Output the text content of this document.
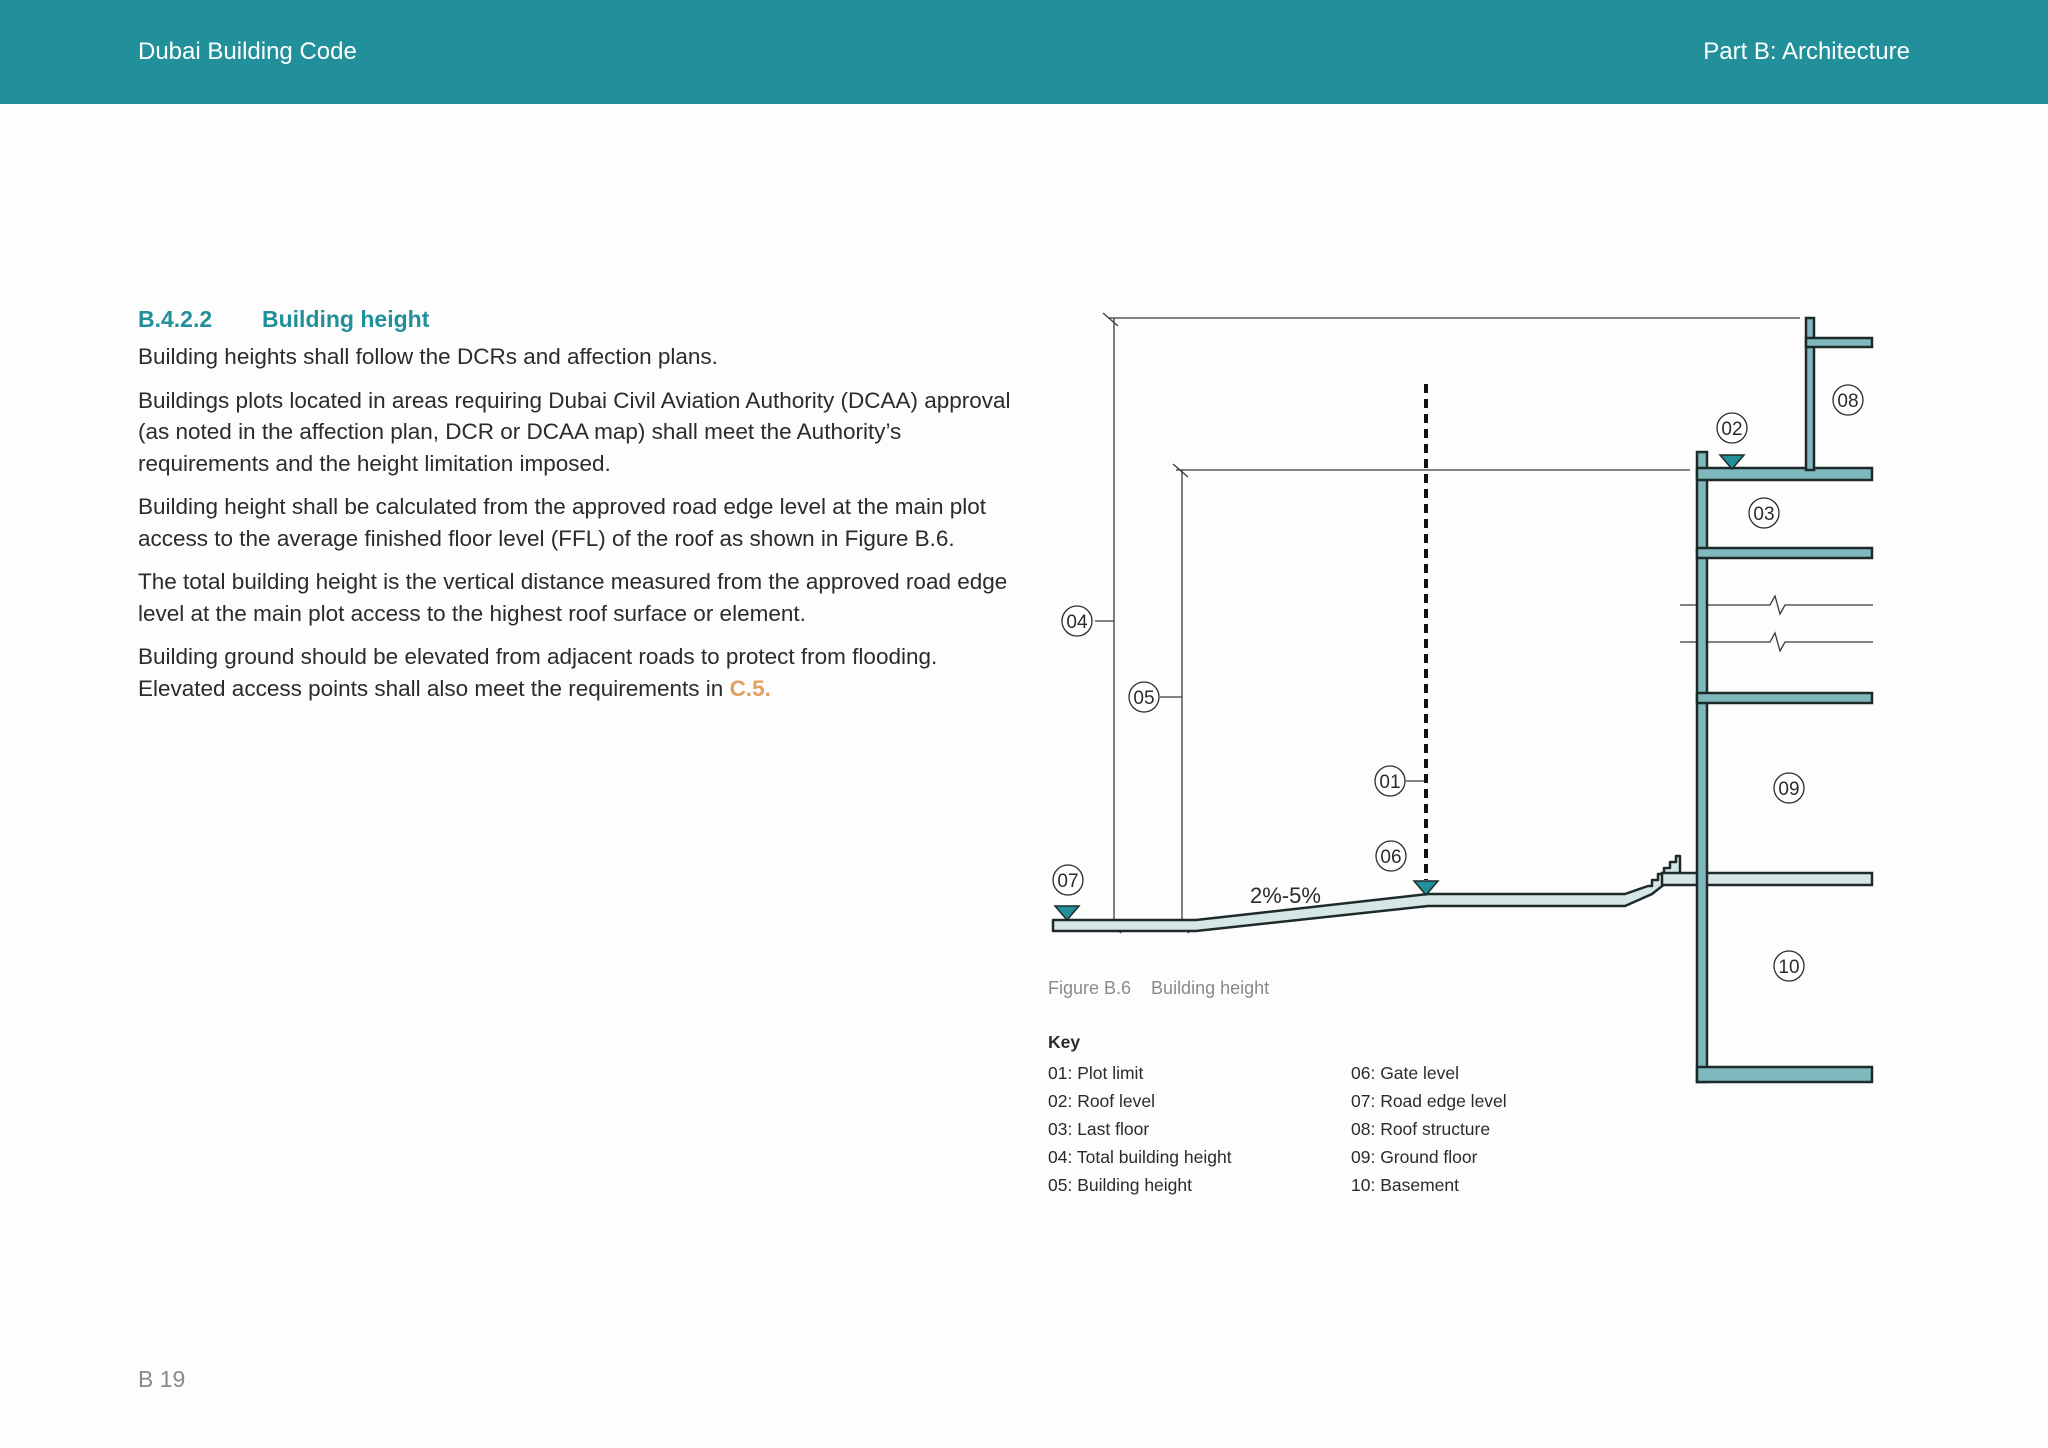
Dubai Building Code	Part B: Architecture
B.4.2.2 Building height

Building heights shall follow the DCRs and affection plans.

Buildings plots located in areas requiring Dubai Civil Aviation Authority (DCAA) approval (as noted in the affection plan, DCR or DCAA map) shall meet the Authority’s requirements and the height limitation imposed.

Building height shall be calculated from the approved road edge level at the main plot access to the average finished floor level (FFL) of the roof as shown in Figure B.6.

The total building height is the vertical distance measured from the approved road edge level at the main plot access to the highest roof surface or element.

Building ground should be elevated from adjacent roads to protect from flooding. Elevated access points shall also meet the requirements in C.5.

2%-5%
01
02
03
04
05
06
07
08
09
10
Figure B.6 Building height
Key
01: Plot limit
02: Roof level
03: Last floor
04: Total building height
05: Building height
06: Gate level
07: Road edge level
08: Roof structure
09: Ground floor
10: Basement
B 19
